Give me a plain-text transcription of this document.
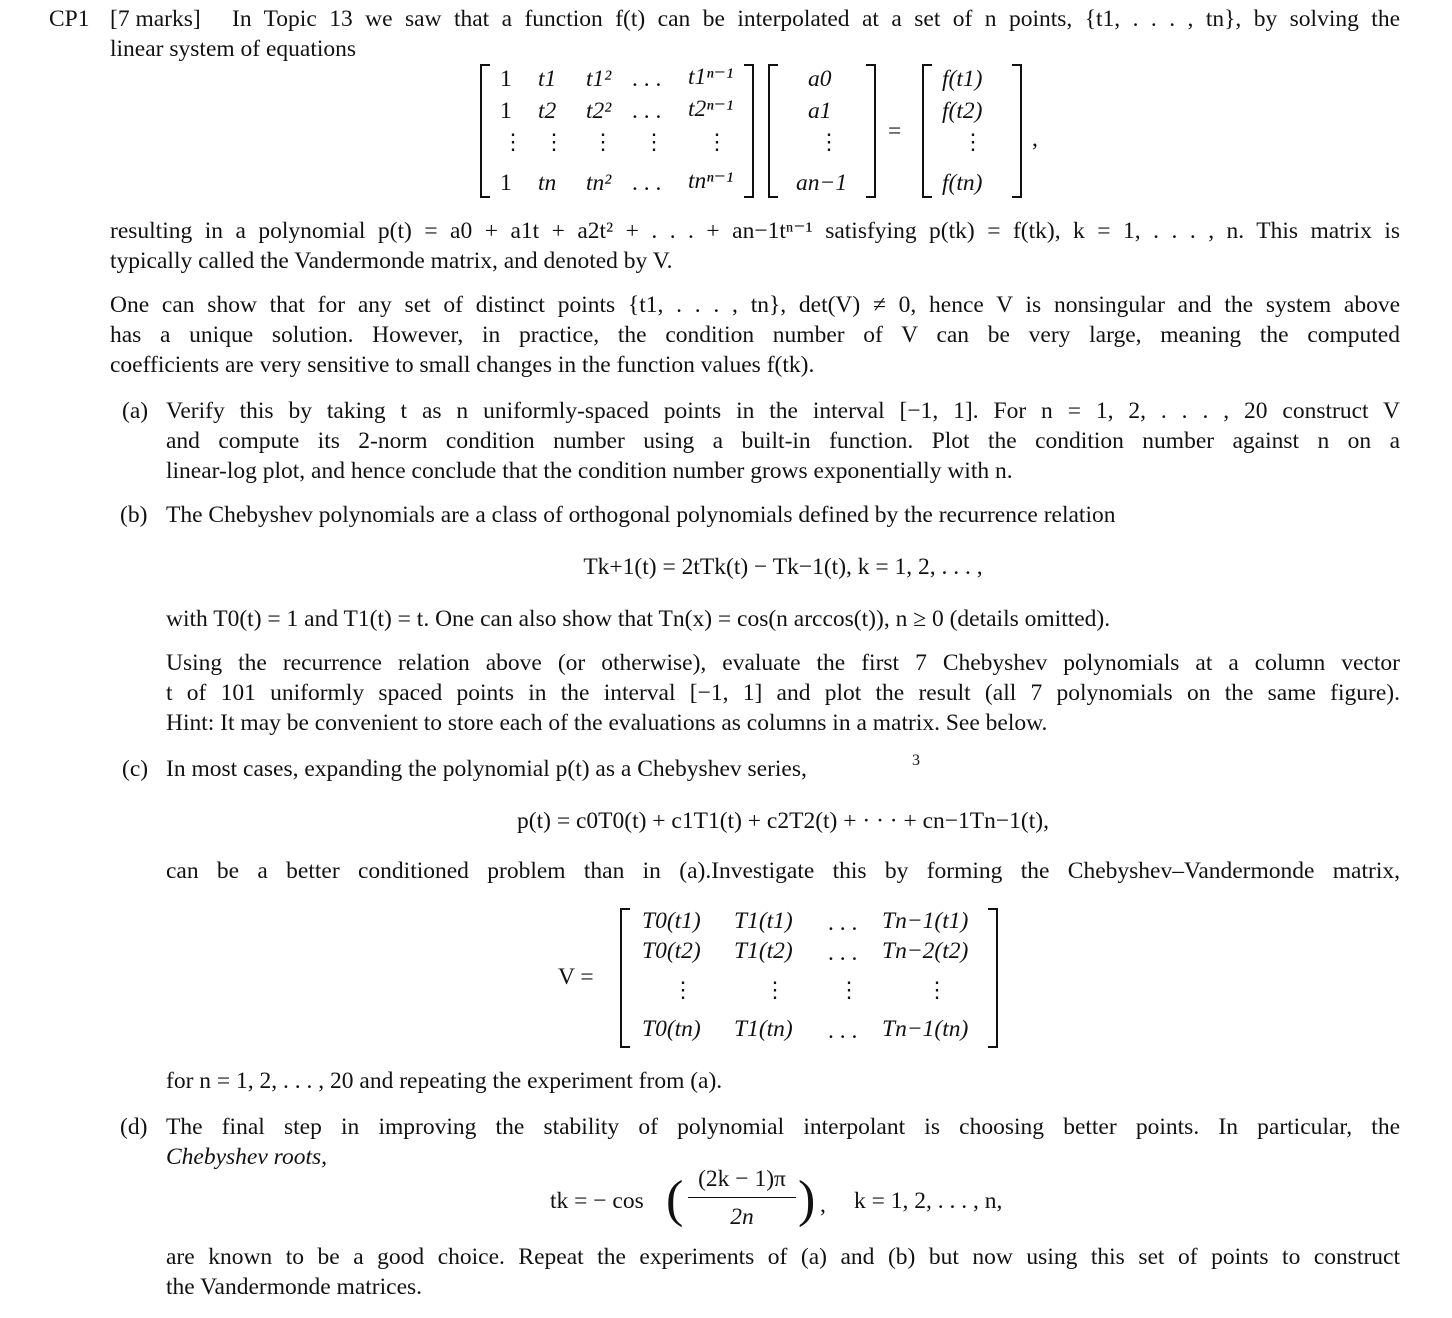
CP1 [7 marks] In Topic 13 we saw that a function f(t) can be interpolated at a set of n points, {t1, . . . , tn}, by solving the
linear system of equations
1 t1 t1² . . . t1ⁿ⁻¹
1 t2 t2² . . . t2ⁿ⁻¹
⋮ ⋮ ⋮ ⋮ ⋮
1 tn tn² . . . tnⁿ⁻¹
a0
a1
⋮
an−1
=
f(t1)
f(t2)
⋮
f(tn)
,
resulting in a polynomial p(t) = a0 + a1t + a2t² + . . . + an−1tⁿ⁻¹ satisfying p(tk) = f(tk), k = 1, . . . , n. This matrix is
typically called the Vandermonde matrix, and denoted by V.
One can show that for any set of distinct points {t1, . . . , tn}, det(V) ≠ 0, hence V is nonsingular and the system above
has a unique solution. However, in practice, the condition number of V can be very large, meaning the computed
coefficients are very sensitive to small changes in the function values f(tk).
(a) Verify this by taking t as n uniformly-spaced points in the interval [−1, 1]. For n = 1, 2, . . . , 20 construct V
and compute its 2-norm condition number using a built-in function. Plot the condition number against n on a
linear-log plot, and hence conclude that the condition number grows exponentially with n.
(b) The Chebyshev polynomials are a class of orthogonal polynomials defined by the recurrence relation
Tk+1(t) = 2tTk(t) − Tk−1(t), k = 1, 2, . . . ,
with T0(t) = 1 and T1(t) = t. One can also show that Tn(x) = cos(n arccos(t)), n ≥ 0 (details omitted).
Using the recurrence relation above (or otherwise), evaluate the first 7 Chebyshev polynomials at a column vector
t of 101 uniformly spaced points in the interval [−1, 1] and plot the result (all 7 polynomials on the same figure).
Hint: It may be convenient to store each of the evaluations as columns in a matrix. See below.
(c) In most cases, expanding the polynomial p(t) as a Chebyshev series,	3
p(t) = c0T0(t) + c1T1(t) + c2T2(t) + · · · + cn−1Tn−1(t),
can be a better conditioned problem than in (a).Investigate this by forming the Chebyshev–Vandermonde matrix,
V =
T0(t1) T1(t1) . . . Tn−1(t1)
T0(t2) T1(t2) . . . Tn−2(t2)
⋮	⋮ ⋮	⋮
T0(tn) T1(tn) . . . Tn−1(tn)
for n = 1, 2, . . . , 20 and repeating the experiment from (a).
(d) The final step in improving the stability of polynomial interpolant is choosing better points. In particular, the
Chebyshev roots,
tk = − cos ( (2k − 1)π
2n ) , k = 1, 2, . . . , n,
are known to be a good choice. Repeat the experiments of (a) and (b) but now using this set of points to construct
the Vandermonde matrices.
